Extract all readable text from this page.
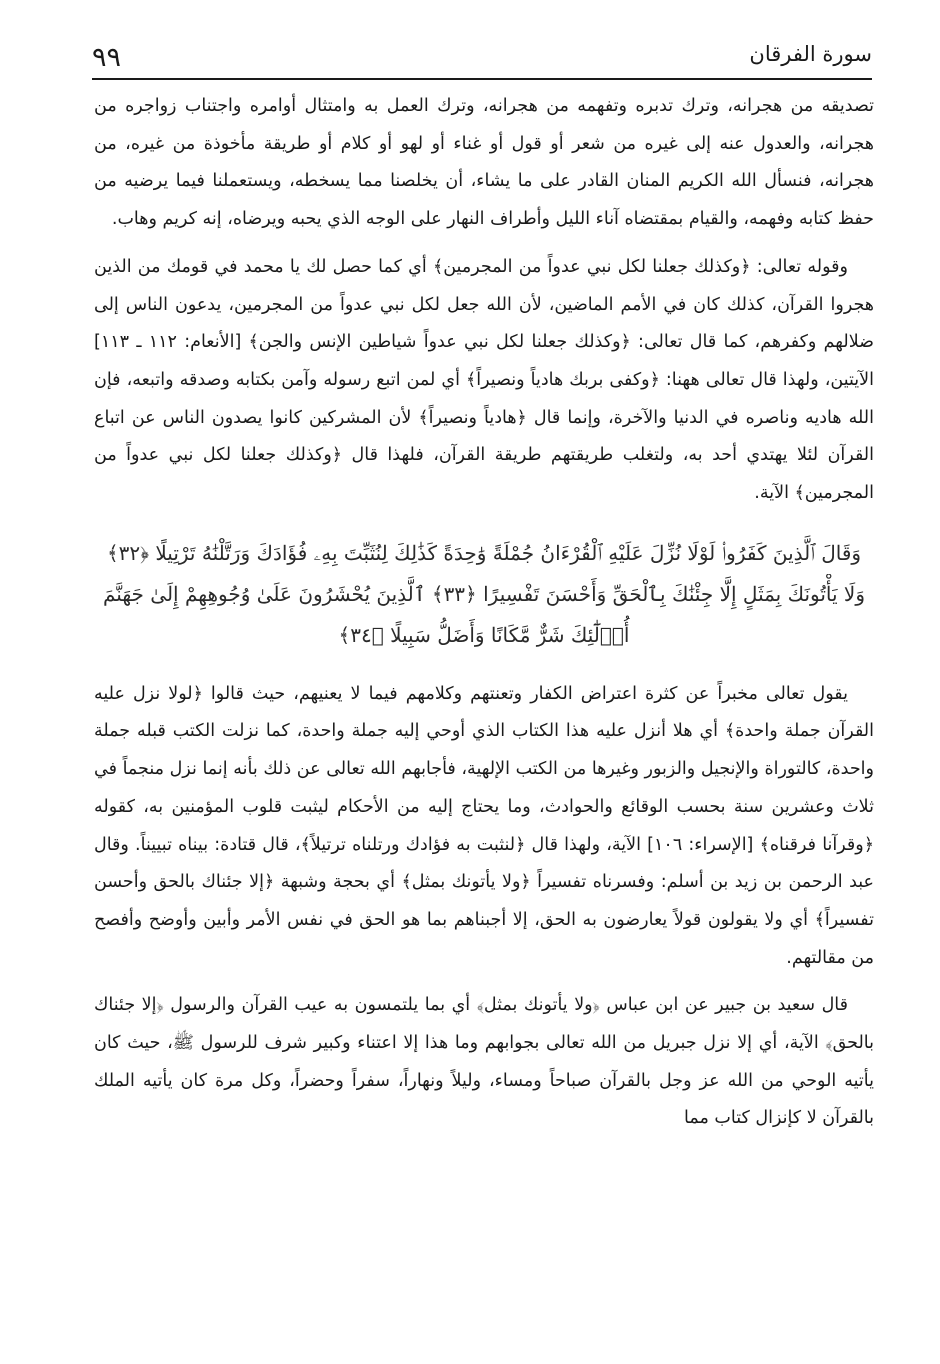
٩٩	سورة الفرقان

تصديقه من هجرانه، وترك تدبره وتفهمه من هجرانه، وترك العمل به وامتثال أوامره واجتناب زواجره من هجرانه، والعدول عنه إلى غيره من شعر أو قول أو غناء أو لهو أو كلام أو طريقة مأخوذة من غيره، من هجرانه، فنسأل الله الكريم المنان القادر على ما يشاء، أن يخلصنا مما يسخطه، ويستعملنا فيما يرضيه من حفظ كتابه وفهمه، والقيام بمقتضاه آناء الليل وأطراف النهار على الوجه الذي يحبه ويرضاه، إنه كريم وهاب.

وقوله تعالى: ﴿وكذلك جعلنا لكل نبي عدواً من المجرمين﴾ أي كما حصل لك يا محمد في قومك من الذين هجروا القرآن، كذلك كان في الأمم الماضين، لأن الله جعل لكل نبي عدواً من المجرمين، يدعون الناس إلى ضلالهم وكفرهم، كما قال تعالى: ﴿وكذلك جعلنا لكل نبي عدواً شياطين الإنس والجن﴾ [الأنعام: ١١٢ ـ ١١٣] الآيتين، ولهذا قال تعالى ههنا: ﴿وكفى بربك هادياً ونصيراً﴾ أي لمن اتبع رسوله وآمن بكتابه وصدقه واتبعه، فإن الله هاديه وناصره في الدنيا والآخرة، وإنما قال ﴿هادياً ونصيراً﴾ لأن المشركين كانوا يصدون الناس عن اتباع القرآن لئلا يهتدي أحد به، ولتغلب طريقتهم طريقة القرآن، فلهذا قال ﴿وكذلك جعلنا لكل نبي عدواً من المجرمين﴾ الآية.

وَقَالَ ٱلَّذِينَ كَفَرُوا۟ لَوْلَا نُزِّلَ عَلَيْهِ ٱلْقُرْءَانُ جُمْلَةً وَٰحِدَةً كَذَٰلِكَ لِنُثَبِّتَ بِهِۦ فُؤَادَكَ وَرَتَّلْنَٰهُ تَرْتِيلًا ﴿٣٢﴾
وَلَا يَأْتُونَكَ بِمَثَلٍ إِلَّا جِئْنَٰكَ بِٱلْحَقِّ وَأَحْسَنَ تَفْسِيرًا ﴿٣٣﴾ ٱلَّذِينَ يُحْشَرُونَ عَلَىٰ وُجُوهِهِمْ إِلَىٰ جَهَنَّمَ
أُو۟لَٰٓئِكَ شَرٌّ مَّكَانًا وَأَضَلُّ سَبِيلًا ﴿٣٤﴾

يقول تعالى مخبراً عن كثرة اعتراض الكفار وتعنتهم وكلامهم فيما لا يعنيهم، حيث قالوا ﴿لولا نزل عليه القرآن جملة واحدة﴾ أي هلا أنزل عليه هذا الكتاب الذي أوحي إليه جملة واحدة، كما نزلت الكتب قبله جملة واحدة، كالتوراة والإنجيل والزبور وغيرها من الكتب الإلهية، فأجابهم الله تعالى عن ذلك بأنه إنما نزل منجماً في ثلاث وعشرين سنة بحسب الوقائع والحوادث، وما يحتاج إليه من الأحكام ليثبت قلوب المؤمنين به، كقوله ﴿وقرآنا فرقناه﴾ [الإسراء: ١٠٦] الآية، ولهذا قال ﴿لنثبت به فؤادك ورتلناه ترتيلاً﴾، قال قتادة: بيناه تبييناً. وقال عبد الرحمن بن زيد بن أسلم: وفسرناه تفسيراً ﴿ولا يأتونك بمثل﴾ أي بحجة وشبهة ﴿إلا جئناك بالحق وأحسن تفسيراً﴾ أي ولا يقولون قولاً يعارضون به الحق، إلا أجبناهم بما هو الحق في نفس الأمر وأبين وأوضح وأفصح من مقالتهم.

قال سعيد بن جبير عن ابن عباس ﴿ولا يأتونك بمثل﴾ أي بما يلتمسون به عيب القرآن والرسول ﴿إلا جئناك بالحق﴾ الآية، أي إلا نزل جبريل من الله تعالى بجوابهم وما هذا إلا اعتناء وكبير شرف للرسول ﷺ، حيث كان يأتيه الوحي من الله عز وجل بالقرآن صباحاً ومساء، وليلاً ونهاراً، سفراً وحضراً، وكل مرة كان يأتيه الملك بالقرآن لا كإنزال كتاب مما
